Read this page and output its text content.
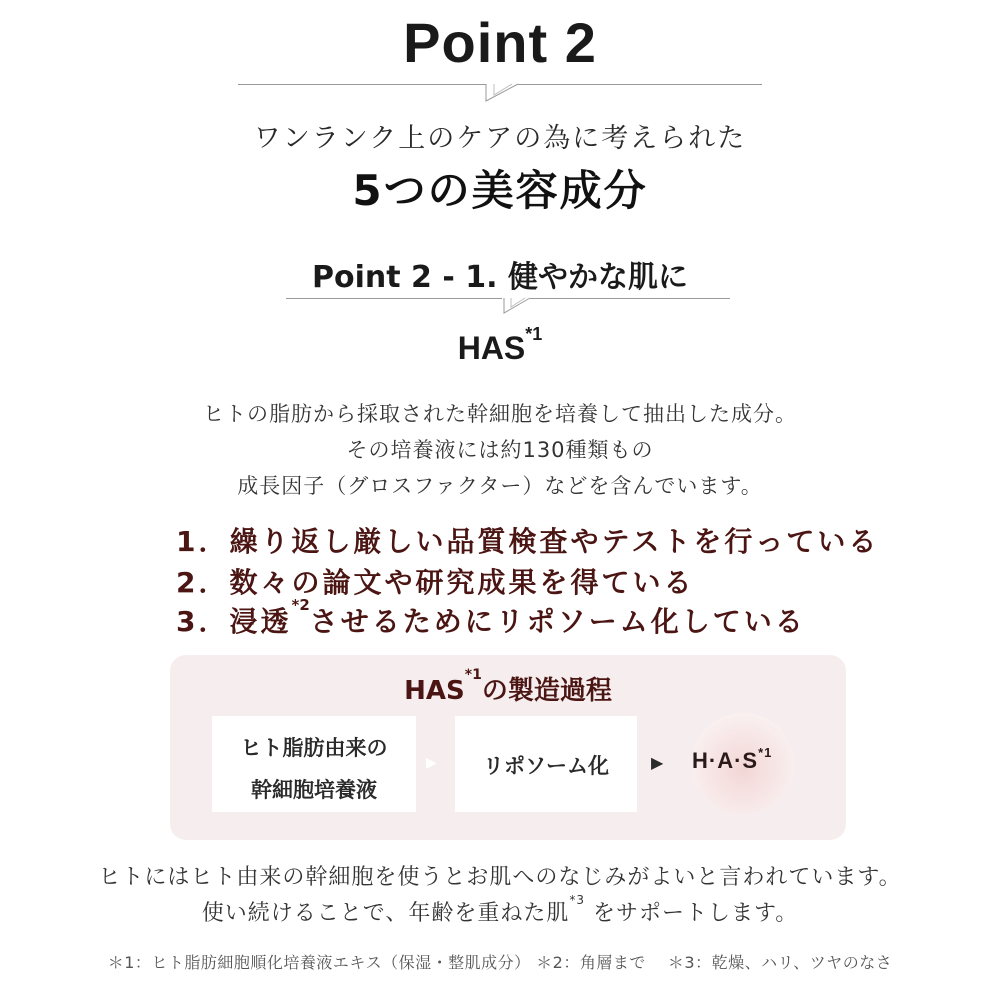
Point 2
ワンランク上のケアの為に考えられた
5つの美容成分
Point 2 - 1. 健やかな肌に
HAS$^{*1}$
ヒトの脂肪から採取された幹細胞を培養して抽出した成分。
その培養液には約130種類もの
成長因子（グロスファクター）などを含んでいます。
1．繰り返し厳しい品質検査やテストを行っている
2．数々の論文や研究成果を得ている
3．浸透$^{*2}$させるためにリポソーム化している
HAS$^{*1}$の製造過程
ヒト脂肪由来の
幹細胞培養液
▶	リポソーム化	▶ $H\cdot A\cdot S^{*1}$
ヒトにはヒト由来の幹細胞を使うとお肌へのなじみがよいと言われています。
使い続けることで、年齢を重ねた肌$^{*3}$ をサポートします。
＊1：ヒト脂肪細胞順化培養液エキス（保湿・整肌成分） ＊2：角層まで　 ＊3：乾燥、ハリ、ツヤのなさ
